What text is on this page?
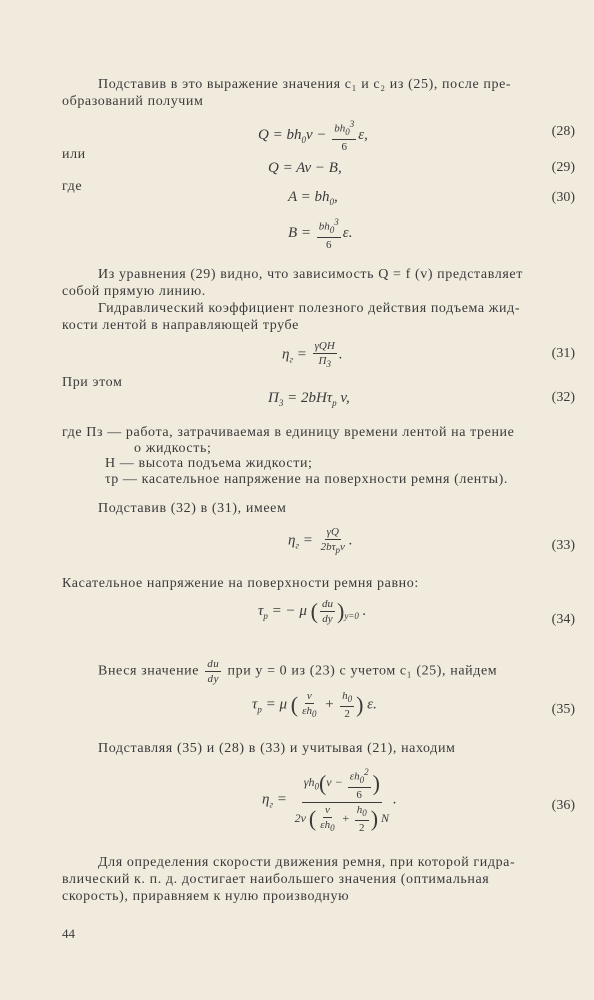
Подставив в это выражение значения c₁ и c₂ из (25), после пре-
образований получим
$Q = bh_0v - \frac{bh_0^3}{6} \varepsilon$,	(28)
или
Q = Av − B,	(29)
где
$A = bh_0$,	(30)
$B = \frac{bh_0^3}{6} \varepsilon$.
Из уравнения (29) видно, что зависимость Q = f (v) представляет
собой прямую линию.
Гидравлический коэффициент полезного действия подъема жид-
кости лентой в направляющей трубе
$\eta_г = \frac{\text{γQH}}{\Pi_3}$ .	(31)
При этом
$\Pi_3 = 2bH\tau_р$ v,	(32)
где Пз — работа, затрачиваемая в единицу времени лентой на трение
о жидкость;
H — высота подъема жидкости;
τр — касательное напряжение на поверхности ремня (ленты).
Подставив (32) в (31), имеем
$\eta_г = \frac{\gamma Q}{2b\tau_рv}$ .	(33)
Касательное напряжение на поверхности ремня равно:
$\tau_р$ = − μ ( $\frac{du}{dy} )_{y=0}$ .
(34)
Внеся значение $\frac{du}{dy}$ при y = 0 из (23) с учетом c₁ (25), найдем
$\tau_р = \mu$ ( $\frac{v}{\varepsilon h_0} + \frac{h_0}{2}$ ) ε.	(35)
Подставляя (35) и (28) в (33) и учитывая (21), находим
$\eta_г = \frac{\gamma h_0(v - \frac{\varepsilon h_0^2}{6} )}{2v ( \frac{v}{\varepsilon h_0} + \frac{h_0}{2} ) N}$ .	(36)
Для определения скорости движения ремня, при которой гидра-
влический к. п. д. достигает наибольшего значения (оптимальная
скорость), приравняем к нулю производную
44
